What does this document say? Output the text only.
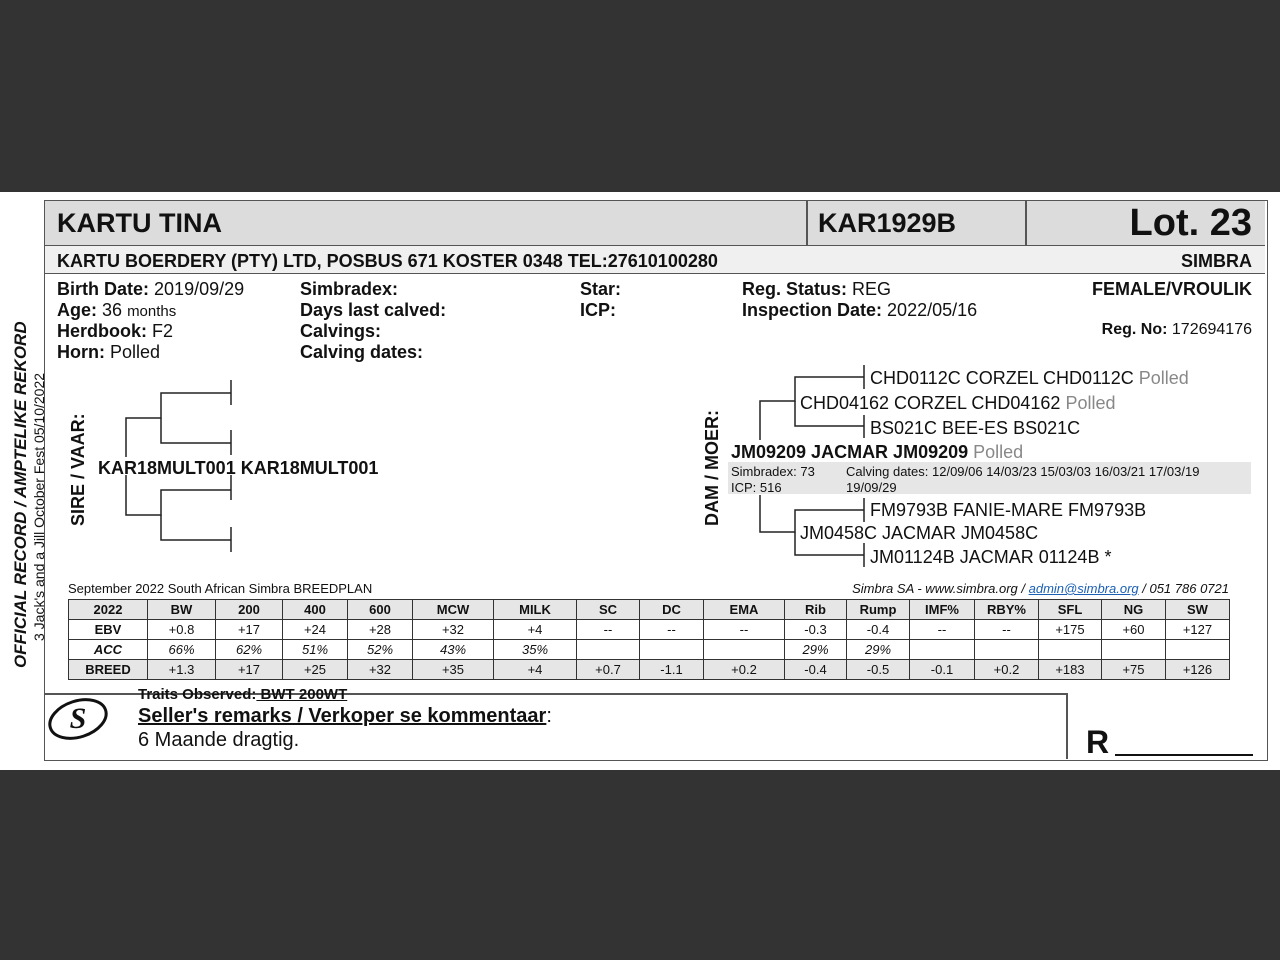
KARTU TINA	KAR1929B	Lot. 23
KARTU BOERDERY (PTY) LTD, POSBUS 671 KOSTER 0348 TEL:27610100280	SIMBRA
Birth Date: 2019/09/29
Age: 36 months
Herdbook: F2
Horn: Polled
Simbradex:
Days last calved:
Calvings:
Calving dates:
Star:
ICP:
Reg. Status: REG
Inspection Date: 2022/05/16
FEMALE/VROULIK
Reg. No: 172694176
OFFICIAL RECORD / AMPTELIKE REKORD 3 Jack's and a Jill October Fest 05/10/2022 SIRE / VAAR: KAR18MULT001 KAR18MULT001	DAM / MOER:
CHD0112C CORZEL CHD0112C Polled
CHD04162 CORZEL CHD04162 Polled
BS021C BEE-ES BS021C
JM09209 JACMAR JM09209 Polled
Simbradex: 73
ICP: 516
Calving dates: 12/09/06 14/03/23 15/03/03 16/03/21 17/03/19
19/09/29
FM9793B FANIE-MARE FM9793B
JM0458C JACMAR JM0458C
JM01124B JACMAR 01124B *
September 2022 South African Simbra BREEDPLAN	Simbra SA - www.simbra.org / admin@simbra.org / 051 786 0721
2022	BW	200	400	600	MCW	MILK	SC	DC	EMA	Rib	Rump	IMF%	RBY%	SFL	NG	SW
EBV	+0.8	+17	+24	+28	+32	+4	--	--	--	-0.3	-0.4	--	--	+175	+60	+127
ACC	66%	62%	51%	52%	43%	35%				29%	29%					
BREED	+1.3	+17	+25	+32	+35	+4	+0.7	-1.1	+0.2	-0.4	-0.5	-0.1	+0.2	+183	+75	+126
S
Traits Observed: BWT 200WT
Seller's remarks / Verkoper se kommentaar:
6 Maande dragtig.	R
